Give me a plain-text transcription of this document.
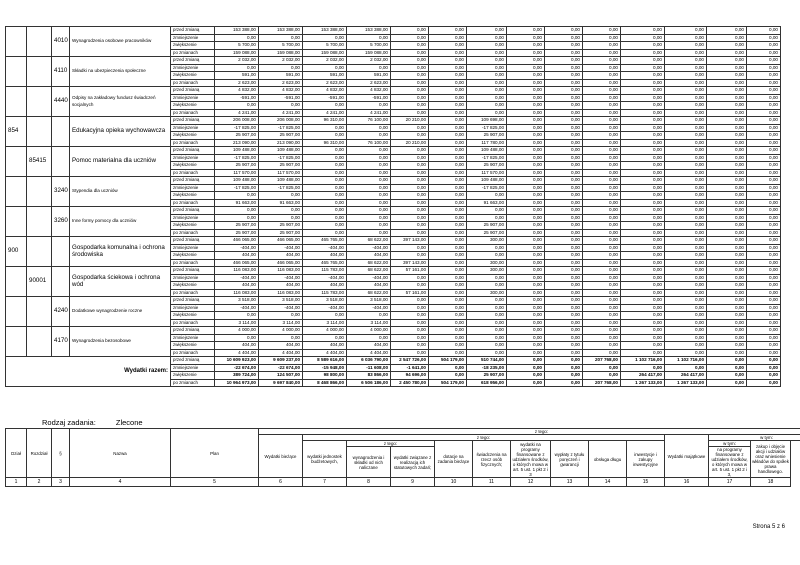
		4010	Wynagrodzenia osobowe pracowników	przed zmianą	153 388,00	153 388,00	153 388,00	153 388,00	0,00	0,00	0,00	0,00	0,00	0,00	0,00	0,00	0,00	0,00
				zmniejszenie	0,00	0,00	0,00	0,00	0,00	0,00	0,00	0,00	0,00	0,00	0,00	0,00	0,00	0,00
				zwiększenie	5 700,00	5 700,00	5 700,00	5 700,00	0,00	0,00	0,00	0,00	0,00	0,00	0,00	0,00	0,00	0,00
				po zmianach	159 088,00	159 088,00	159 088,00	159 088,00	0,00	0,00	0,00	0,00	0,00	0,00	0,00	0,00	0,00	0,00
		4110	Składki na ubezpieczenia społeczne	przed zmianą	2 032,00	2 032,00	2 032,00	2 032,00	0,00	0,00	0,00	0,00	0,00	0,00	0,00	0,00	0,00	0,00
				zmniejszenie	0,00	0,00	0,00	0,00	0,00	0,00	0,00	0,00	0,00	0,00	0,00	0,00	0,00	0,00
				zwiększenie	591,00	591,00	591,00	591,00	0,00	0,00	0,00	0,00	0,00	0,00	0,00	0,00	0,00	0,00
				po zmianach	2 623,00	2 623,00	2 623,00	2 623,00	0,00	0,00	0,00	0,00	0,00	0,00	0,00	0,00	0,00	0,00
		4440	Odpisy na zakładowy fundusz świadczeń socjalnych	przed zmianą	4 832,00	4 832,00	4 832,00	4 832,00	0,00	0,00	0,00	0,00	0,00	0,00	0,00	0,00	0,00	0,00
				zmniejszenie	-591,00	-591,00	-591,00	-591,00	0,00	0,00	0,00	0,00	0,00	0,00	0,00	0,00	0,00	0,00
				zwiększenie	0,00	0,00	0,00	0,00	0,00	0,00	0,00	0,00	0,00	0,00	0,00	0,00	0,00	0,00
				po zmianach	4 241,00	4 241,00	4 241,00	4 241,00	0,00	0,00	0,00	0,00	0,00	0,00	0,00	0,00	0,00	0,00
854			Edukacyjna opieka wychowawcza	przed zmianą	206 008,00	206 008,00	96 310,00	76 100,00	20 210,00	0,00	109 698,00	0,00	0,00	0,00	0,00	0,00	0,00	0,00
				zmniejszenie	-17 825,00	-17 825,00	0,00	0,00	0,00	0,00	-17 825,00	0,00	0,00	0,00	0,00	0,00	0,00	0,00
				zwiększenie	25 907,00	25 907,00	0,00	0,00	0,00	0,00	25 907,00	0,00	0,00	0,00	0,00	0,00	0,00	0,00
				po zmianach	213 090,00	213 090,00	96 310,00	76 100,00	20 210,00	0,00	117 780,00	0,00	0,00	0,00	0,00	0,00	0,00	0,00
	85415		Pomoc materialna dla uczniów	przed zmianą	109 488,00	109 488,00	0,00	0,00	0,00	0,00	109 488,00	0,00	0,00	0,00	0,00	0,00	0,00	0,00
				zmniejszenie	-17 825,00	-17 825,00	0,00	0,00	0,00	0,00	-17 825,00	0,00	0,00	0,00	0,00	0,00	0,00	0,00
				zwiększenie	25 907,00	25 907,00	0,00	0,00	0,00	0,00	25 907,00	0,00	0,00	0,00	0,00	0,00	0,00	0,00
				po zmianach	117 570,00	117 570,00	0,00	0,00	0,00	0,00	117 570,00	0,00	0,00	0,00	0,00	0,00	0,00	0,00
		3240	Stypendia dla uczniów	przed zmianą	109 488,00	109 488,00	0,00	0,00	0,00	0,00	109 488,00	0,00	0,00	0,00	0,00	0,00	0,00	0,00
				zmniejszenie	-17 825,00	-17 825,00	0,00	0,00	0,00	0,00	-17 825,00	0,00	0,00	0,00	0,00	0,00	0,00	0,00
				zwiększenie	0,00	0,00	0,00	0,00	0,00	0,00	0,00	0,00	0,00	0,00	0,00	0,00	0,00	0,00
				po zmianach	91 663,00	91 663,00	0,00	0,00	0,00	0,00	91 663,00	0,00	0,00	0,00	0,00	0,00	0,00	0,00
		3260	Inne formy pomocy dla uczniów	przed zmianą	0,00	0,00	0,00	0,00	0,00	0,00	0,00	0,00	0,00	0,00	0,00	0,00	0,00	0,00
				zmniejszenie	0,00	0,00	0,00	0,00	0,00	0,00	0,00	0,00	0,00	0,00	0,00	0,00	0,00	0,00
				zwiększenie	25 907,00	25 907,00	0,00	0,00	0,00	0,00	25 907,00	0,00	0,00	0,00	0,00	0,00	0,00	0,00
				po zmianach	25 907,00	25 907,00	0,00	0,00	0,00	0,00	25 907,00	0,00	0,00	0,00	0,00	0,00	0,00	0,00
900			Gospodarka komunalna i ochrona środowiska	przed zmianą	466 065,00	466 065,00	465 765,00	68 622,00	397 143,00	0,00	300,00	0,00	0,00	0,00	0,00	0,00	0,00	0,00
				zmniejszenie	-404,00	-404,00	-404,00	-404,00	0,00	0,00	0,00	0,00	0,00	0,00	0,00	0,00	0,00	0,00
				zwiększenie	404,00	404,00	404,00	404,00	0,00	0,00	0,00	0,00	0,00	0,00	0,00	0,00	0,00	0,00
				po zmianach	466 065,00	466 065,00	465 765,00	68 622,00	397 143,00	0,00	300,00	0,00	0,00	0,00	0,00	0,00	0,00	0,00
	90001		Gospodarka ściekowa i ochrona wód	przed zmianą	116 083,00	116 083,00	115 783,00	68 622,00	57 161,00	0,00	300,00	0,00	0,00	0,00	0,00	0,00	0,00	0,00
				zmniejszenie	-404,00	-404,00	-404,00	-404,00	0,00	0,00	0,00	0,00	0,00	0,00	0,00	0,00	0,00	0,00
				zwiększenie	404,00	404,00	404,00	404,00	0,00	0,00	0,00	0,00	0,00	0,00	0,00	0,00	0,00	0,00
				po zmianach	116 083,00	116 083,00	115 783,00	68 622,00	57 161,00	0,00	300,00	0,00	0,00	0,00	0,00	0,00	0,00	0,00
		4240	Dodatkowe wynagrodzenie roczne	przed zmianą	3 518,00	3 518,00	3 518,00	3 518,00	0,00	0,00	0,00	0,00	0,00	0,00	0,00	0,00	0,00	0,00
				zmniejszenie	-404,00	-404,00	-404,00	-404,00	0,00	0,00	0,00	0,00	0,00	0,00	0,00	0,00	0,00	0,00
				zwiększenie	0,00	0,00	0,00	0,00	0,00	0,00	0,00	0,00	0,00	0,00	0,00	0,00	0,00	0,00
				po zmianach	3 114,00	3 114,00	3 114,00	3 114,00	0,00	0,00	0,00	0,00	0,00	0,00	0,00	0,00	0,00	0,00
		4170	Wynagrodzenia bezosobowe	przed zmianą	4 000,00	4 000,00	4 000,00	4 000,00	0,00	0,00	0,00	0,00	0,00	0,00	0,00	0,00	0,00	0,00
				zmniejszenie	0,00	0,00	0,00	0,00	0,00	0,00	0,00	0,00	0,00	0,00	0,00	0,00	0,00	0,00
				zwiększenie	404,00	404,00	404,00	404,00	0,00	0,00	0,00	0,00	0,00	0,00	0,00	0,00	0,00	0,00
				po zmianach	4 404,00	4 404,00	4 404,00	4 404,00	0,00	0,00	0,00	0,00	0,00	0,00	0,00	0,00	0,00	0,00
Wydatki razem:				przed zmianą	10 609 923,00	9 609 237,00	8 589 616,00	6 036 790,00	2 547 726,00	504 179,00	510 744,00	0,00	0,00	207 768,00	1 102 716,00	1 102 716,00	0,00	0,00
				zmniejszenie	-22 674,00	-22 674,00	-15 948,00	-11 608,00	-1 641,00	0,00	-18 235,00	0,00	0,00	0,00	0,00	0,00	0,00	0,00
				zwiększenie	389 724,00	124 507,00	98 800,00	83 866,00	94 696,00	0,00	25 907,00	0,00	0,00	0,00	264 417,00	264 417,00	0,00	0,00
				po zmianach	10 964 973,00	9 697 840,00	8 468 866,00	6 506 186,00	2 450 780,00	504 179,00	618 956,00	0,00	0,00	207 768,00	1 267 133,00	1 267 133,00	0,00	0,00
Rodzaj zadania:	Zlecone
Dział	Rozdział	§	Nazwa	Plan	z tego:												
					Wydatki bieżące	z tego:									Wydatki majątkowe	w tym:	
						wydatki jednostek budżetowych,	z tego:		dotacje na zadania bieżące	świadczenia na rzecz osób fizycznych;	wydatki na programy finansowane z udziałem środków, o których mowa w art. 5 ust. 1 pkt 2 i 3	wypłaty z tytułu poręczeń i gwarancji	obsługa długu	inwestycje i zakupy inwestycyjne		w tym:	zakup i objęcie akcji i udziałów oraz wniesienie wkładów do spółek prawa handlowego.
							wynagrodzenia i składki od nich naliczane	wydatki związane z realizacją ich statutowych zadań;								na programy finansowane z udziałem środków, o których mowa w art. 5 ust. 1 pkt 2 i 3,	
1	2	3	4	5	6	7	8	9	10	11	12	13	14	15	16	17	18
Strona 5 z 6
